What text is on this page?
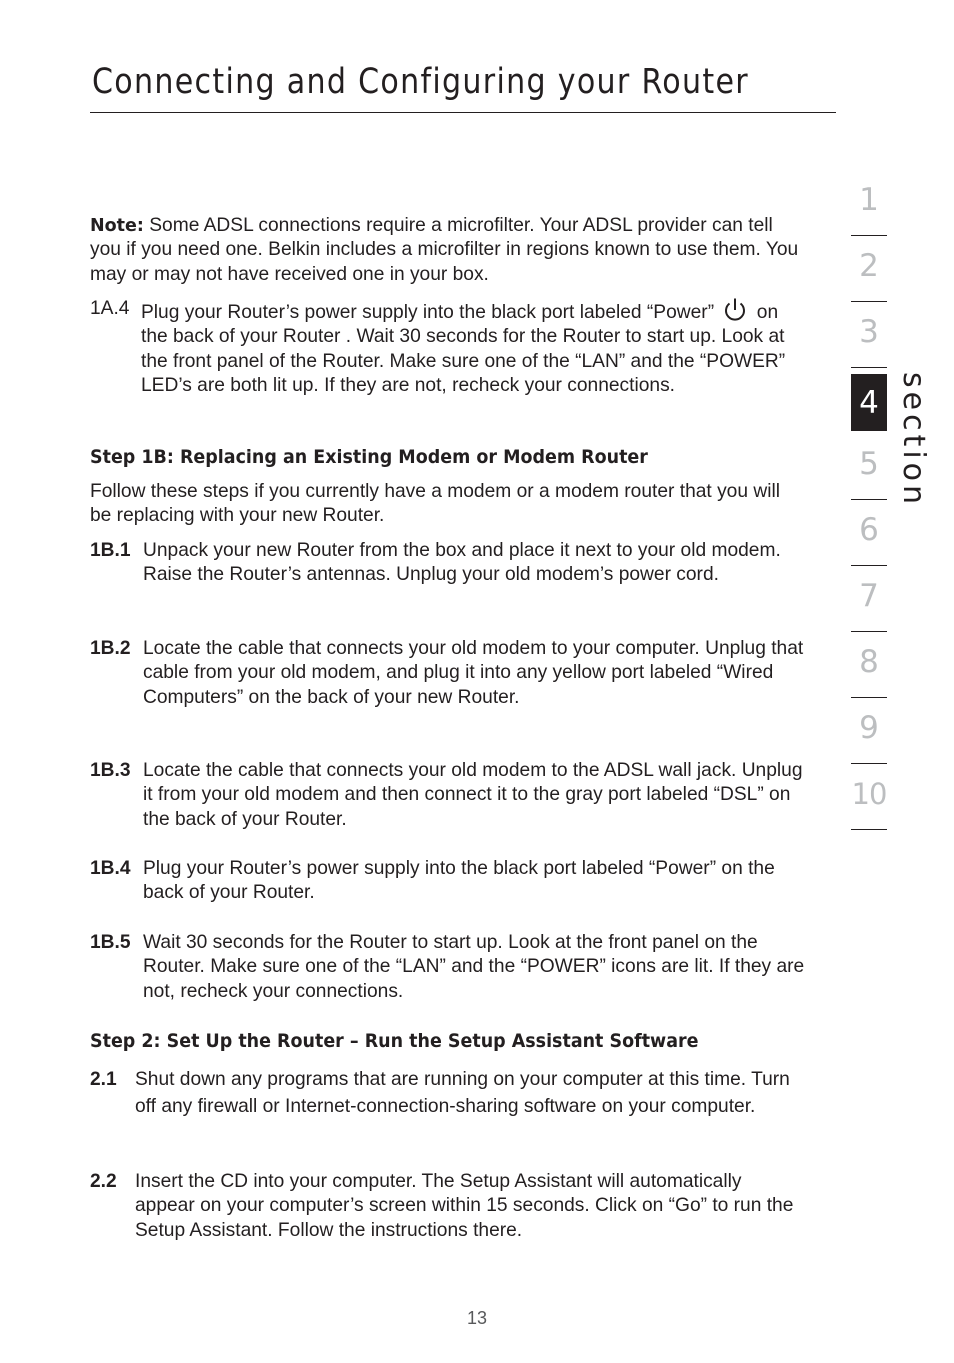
Connecting and Configuring your Router
Note: Some ADSL connections require a microfilter. Your ADSL provider can tell you if you need one. Belkin includes a microfilter in regions known to use them. You may or may not have received one in your box.
1A.4 Plug your Router’s power supply into the black port labeled “Power” on the back of your Router . Wait 30 seconds for the Router to start up. Look at the front panel of the Router. Make sure one of the “LAN” and the “POWER” LED’s are both lit up. If they are not, recheck your connections.
Step 1B: Replacing an Existing Modem or Modem Router
Follow these steps if you currently have a modem or a modem router that you will be replacing with your new Router.
1B.1 Unpack your new Router from the box and place it next to your old modem. Raise the Router’s antennas. Unplug your old modem’s power cord.
1B.2 Locate the cable that connects your old modem to your computer. Unplug that cable from your old modem, and plug it into any yellow port labeled “Wired Computers” on the back of your new Router.
1B.3 Locate the cable that connects your old modem to the ADSL wall jack. Unplug it from your old modem and then connect it to the gray port labeled “DSL” on the back of your Router.
1B.4 Plug your Router’s power supply into the black port labeled “Power” on the back of your Router.
1B.5 Wait 30 seconds for the Router to start up. Look at the front panel on the Router. Make sure one of the “LAN” and the “POWER” icons are lit. If they are not, recheck your connections.
Step 2: Set Up the Router – Run the Setup Assistant Software
2.1 Shut down any programs that are running on your computer at this time. Turn off any firewall or Internet-connection-sharing software on your computer.
2.2 Insert the CD into your computer. The Setup Assistant will automatically appear on your computer’s screen within 15 seconds. Click on “Go” to run the Setup Assistant. Follow the instructions there.
13
1
2
3
4
5
6
7
8
9
10
section
